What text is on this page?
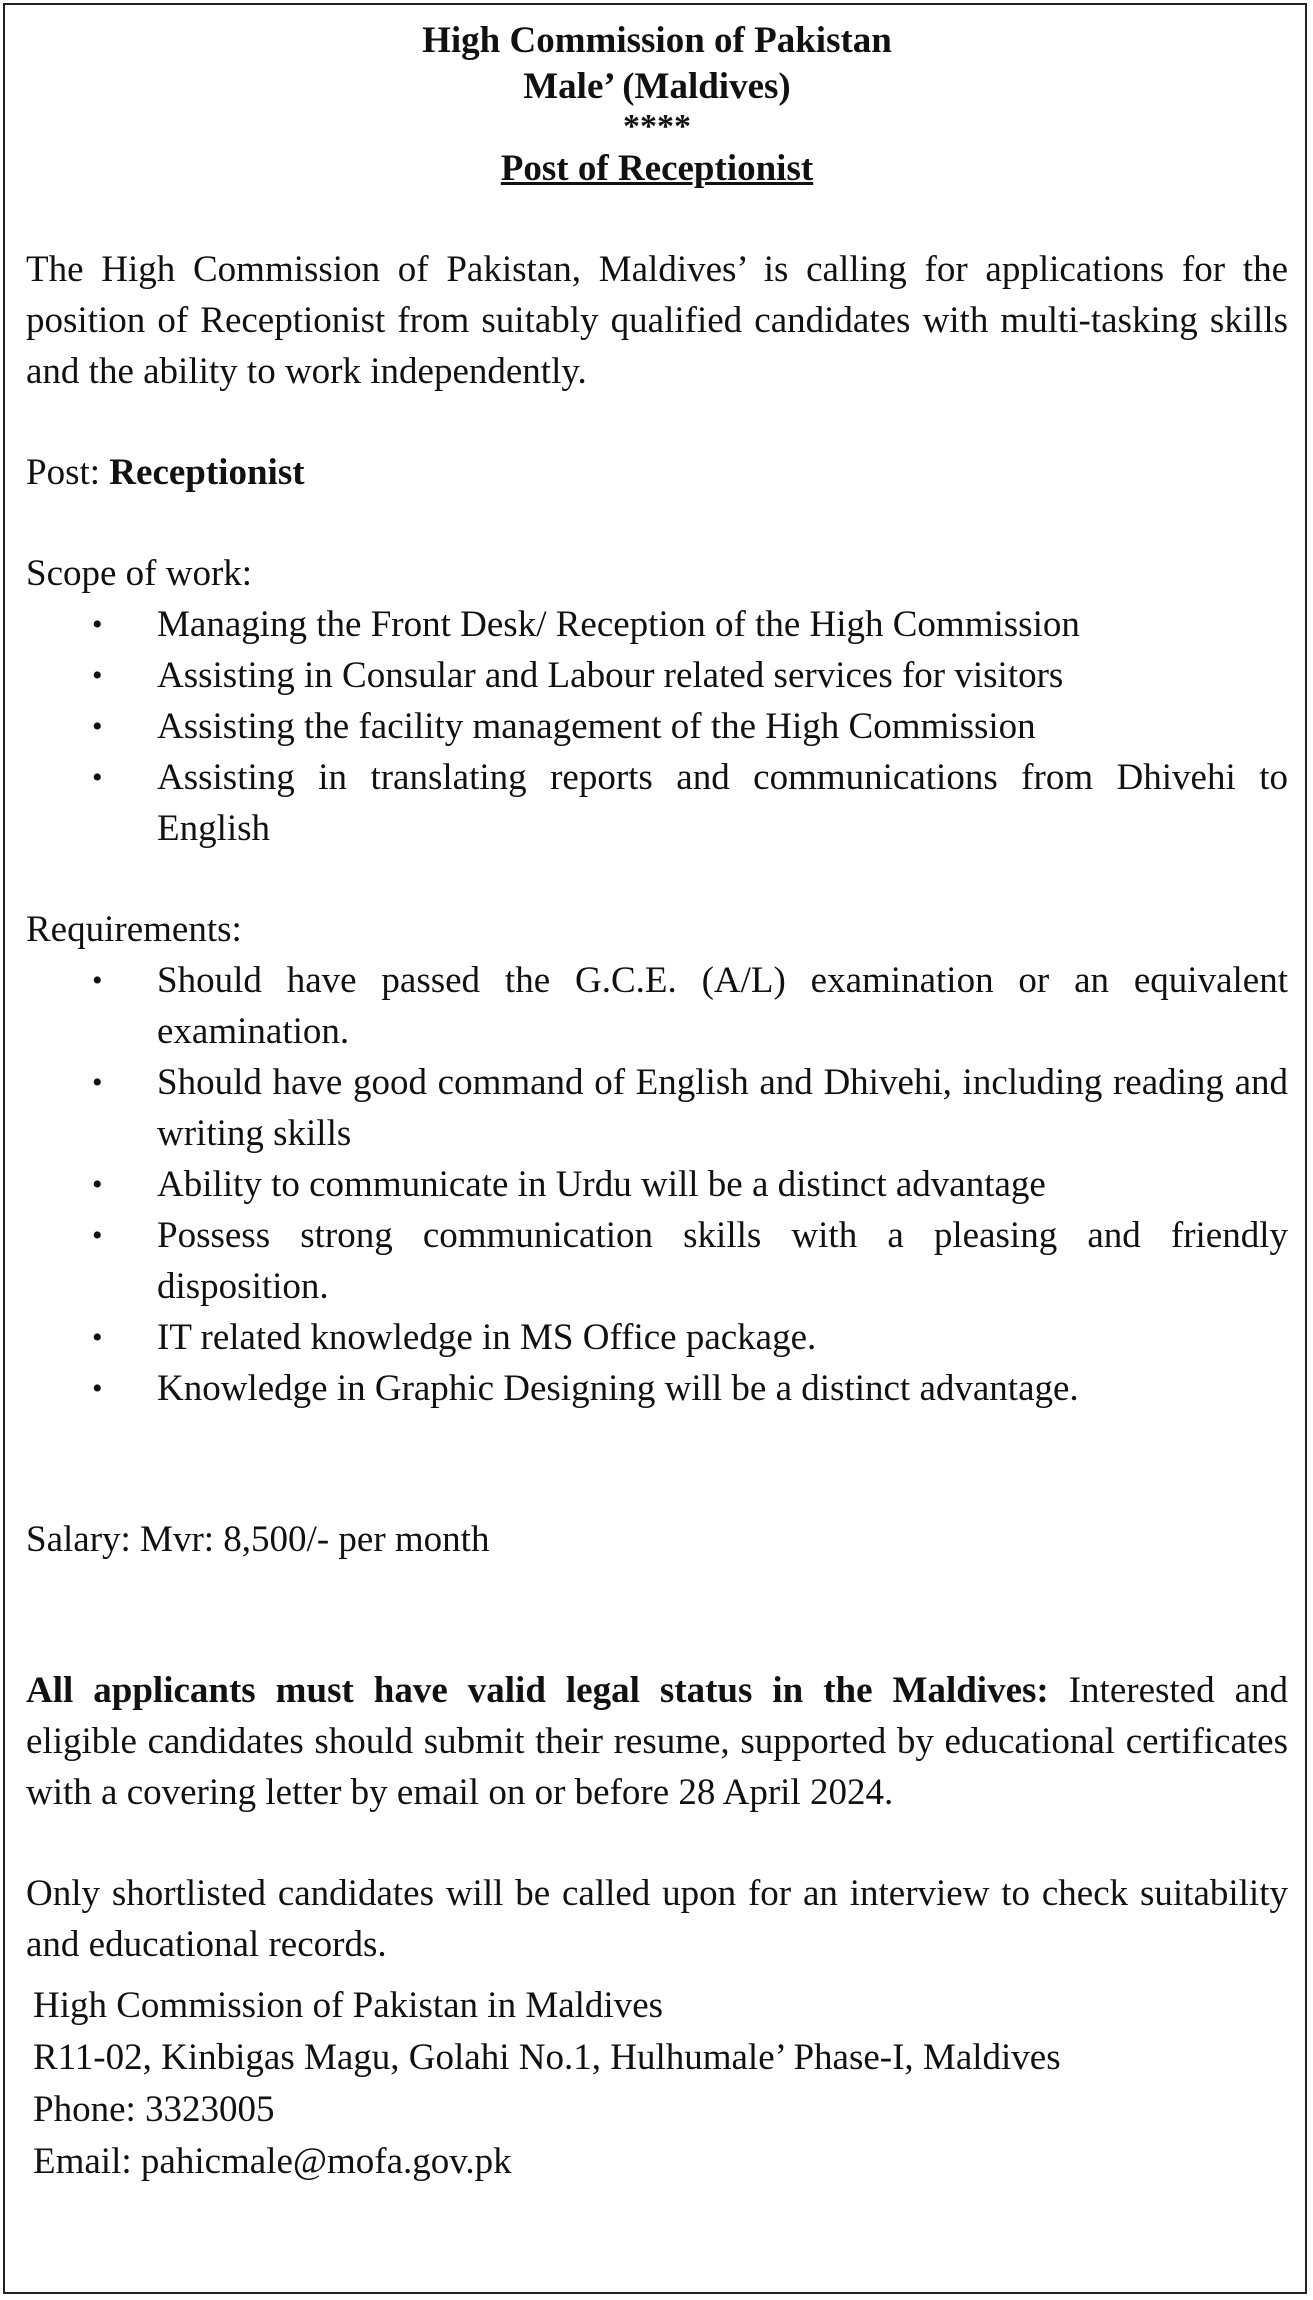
High Commission of Pakistan
Male’ (Maldives)
****
Post of Receptionist

The High Commission of Pakistan, Maldives’ is calling for applications for the position of Receptionist from suitably qualified candidates with multi-tasking skills and the ability to work independently.

Post: Receptionist

Scope of work:

• Managing the Front Desk/ Reception of the High Commission
• Assisting in Consular and Labour related services for visitors
• Assisting the facility management of the High Commission
• Assisting in translating reports and communications from Dhivehi to English

Requirements:

• Should have passed the G.C.E. (A/L) examination or an equivalent examination.
• Should have good command of English and Dhivehi, including reading and writing skills
• Ability to communicate in Urdu will be a distinct advantage
• Possess strong communication skills with a pleasing and friendly disposition.
• IT related knowledge in MS Office package.
• Knowledge in Graphic Designing will be a distinct advantage.

Salary: Mvr: 8,500/- per month

All applicants must have valid legal status in the Maldives: Interested and eligible candidates should submit their resume, supported by educational certificates with a covering letter by email on or before 28 April 2024.

Only shortlisted candidates will be called upon for an interview to check suitability and educational records.

High Commission of Pakistan in Maldives
R11-02, Kinbigas Magu, Golahi No.1, Hulhumale’ Phase-I, Maldives
Phone: 3323005
Email: pahicmale@mofa.gov.pk
